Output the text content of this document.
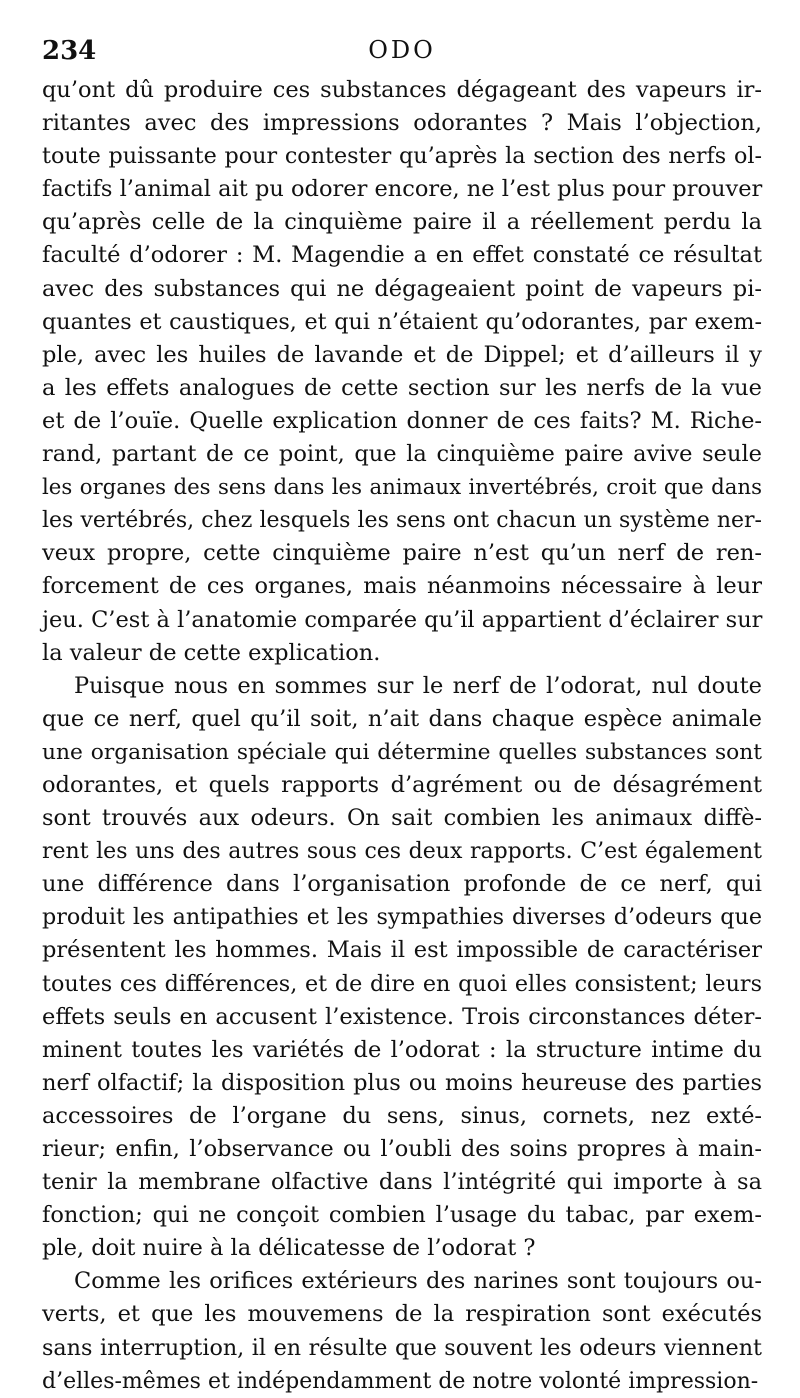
234	ODO
qu’ont dû produire ces substances dégageant des vapeurs ir-
ritantes avec des impressions odorantes ? Mais l’objection,
toute puissante pour contester qu’après la section des nerfs ol-
factifs l’animal ait pu odorer encore, ne l’est plus pour prouver
qu’après celle de la cinquième paire il a réellement perdu la
faculté d’odorer : M. Magendie a en effet constaté ce résultat
avec des substances qui ne dégageaient point de vapeurs pi-
quantes et caustiques, et qui n’étaient qu’odorantes, par exem-
ple, avec les huiles de lavande et de Dippel; et d’ailleurs il y
a les effets analogues de cette section sur les nerfs de la vue
et de l’ouïe. Quelle explication donner de ces faits? M. Riche-
rand, partant de ce point, que la cinquième paire avive seule
les organes des sens dans les animaux invertébrés, croit que dans
les vertébrés, chez lesquels les sens ont chacun un système ner-
veux propre, cette cinquième paire n’est qu’un nerf de ren-
forcement de ces organes, mais néanmoins nécessaire à leur
jeu. C’est à l’anatomie comparée qu’il appartient d’éclairer sur
la valeur de cette explication.
Puisque nous en sommes sur le nerf de l’odorat, nul doute
que ce nerf, quel qu’il soit, n’ait dans chaque espèce animale
une organisation spéciale qui détermine quelles substances sont
odorantes, et quels rapports d’agrément ou de désagrément
sont trouvés aux odeurs. On sait combien les animaux diffè-
rent les uns des autres sous ces deux rapports. C’est également
une différence dans l’organisation profonde de ce nerf, qui
produit les antipathies et les sympathies diverses d’odeurs que
présentent les hommes. Mais il est impossible de caractériser
toutes ces différences, et de dire en quoi elles consistent; leurs
effets seuls en accusent l’existence. Trois circonstances déter-
minent toutes les variétés de l’odorat : la structure intime du
nerf olfactif; la disposition plus ou moins heureuse des parties
accessoires de l’organe du sens, sinus, cornets, nez exté-
rieur; enfin, l’observance ou l’oubli des soins propres à main-
tenir la membrane olfactive dans l’intégrité qui importe à sa
fonction; qui ne conçoit combien l’usage du tabac, par exem-
ple, doit nuire à la délicatesse de l’odorat ?
Comme les orifices extérieurs des narines sont toujours ou-
verts, et que les mouvemens de la respiration sont exécutés
sans interruption, il en résulte que souvent les odeurs viennent
d’elles-mêmes et indépendamment de notre volonté impression-
